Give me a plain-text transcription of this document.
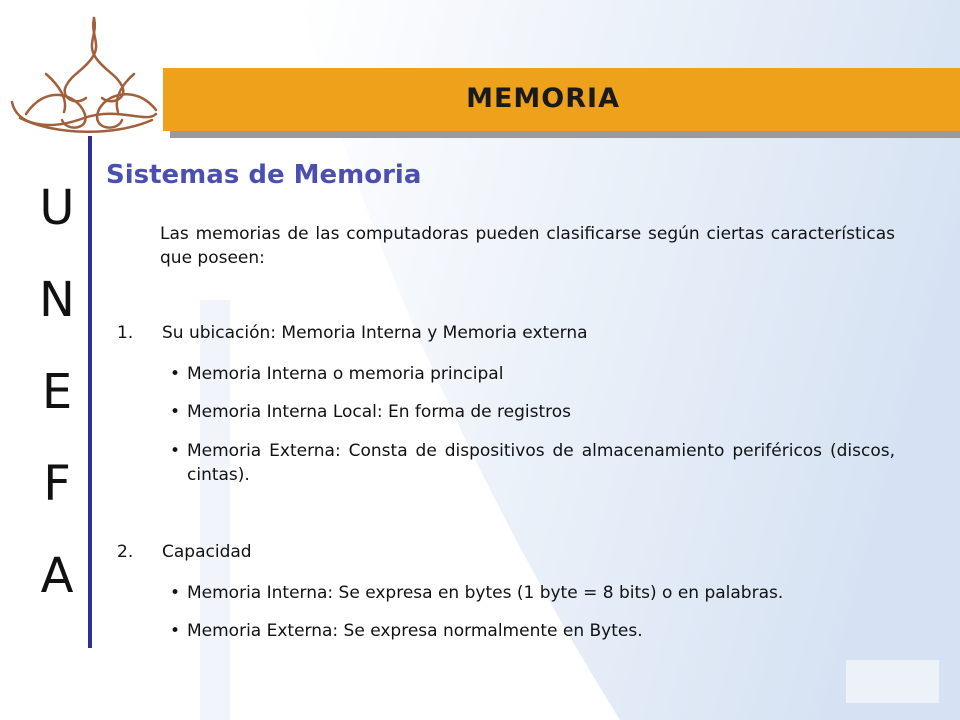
MEMORIA
U
N
E
F
A
Sistemas de Memoria
Las memorias de las computadoras pueden clasificarse según ciertas características que poseen:
1.	Su ubicación: Memoria Interna y Memoria externa
• Memoria Interna o memoria principal
• Memoria Interna Local: En forma de registros
• Memoria Externa: Consta de dispositivos de almacenamiento periféricos (discos, cintas).
2.	Capacidad
• Memoria Interna: Se expresa en bytes (1 byte = 8 bits) o en palabras.
• Memoria Externa: Se expresa normalmente en Bytes.
